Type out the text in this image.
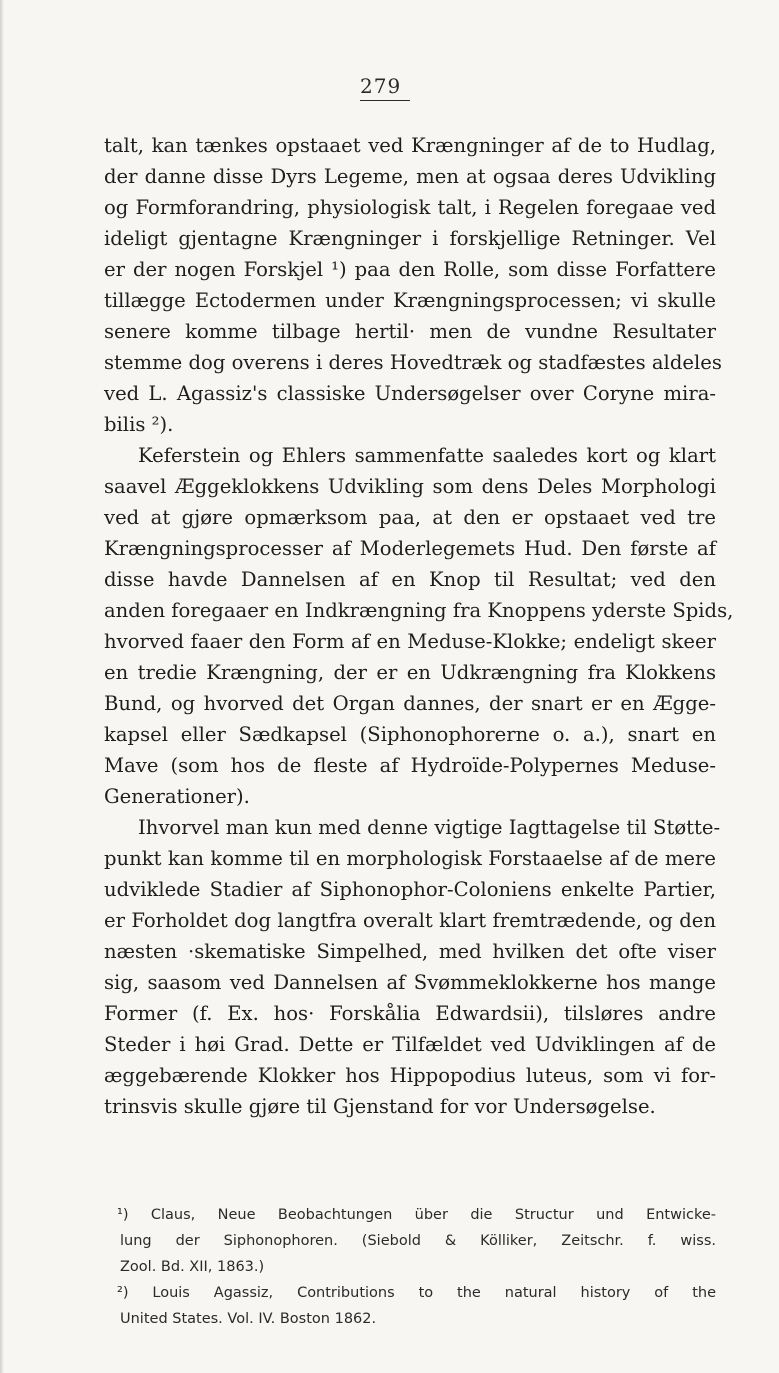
279
talt, kan tænkes opstaaet ved Krængninger af de to Hudlag,
der danne disse Dyrs Legeme, men at ogsaa deres Udvikling
og Formforandring, physiologisk talt, i Regelen foregaae ved
ideligt gjentagne Krængninger i forskjellige Retninger. Vel
er der nogen Forskjel ¹) paa den Rolle, som disse Forfattere
tillægge Ectodermen under Krængningsprocessen; vi skulle
senere komme tilbage hertil· men de vundne Resultater
stemme dog overens i deres Hovedtræk og stadfæstes aldeles
ved L. Agassiz's classiske Undersøgelser over Coryne mira-
bilis ²).
Keferstein og Ehlers sammenfatte saaledes kort og klart
saavel Æggeklokkens Udvikling som dens Deles Morphologi
ved at gjøre opmærksom paa, at den er opstaaet ved tre
Krængningsprocesser af Moderlegemets Hud. Den første af
disse havde Dannelsen af en Knop til Resultat; ved den
anden foregaaer en Indkrængning fra Knoppens yderste Spids,
hvorved faaer den Form af en Meduse-Klokke; endeligt skeer
en tredie Krængning, der er en Udkrængning fra Klokkens
Bund, og hvorved det Organ dannes, der snart er en Ægge-
kapsel eller Sædkapsel (Siphonophorerne o. a.), snart en
Mave (som hos de fleste af Hydroïde-Polypernes Meduse-
Generationer).
Ihvorvel man kun med denne vigtige Iagttagelse til Støtte-
punkt kan komme til en morphologisk Forstaaelse af de mere
udviklede Stadier af Siphonophor-Coloniens enkelte Partier,
er Forholdet dog langtfra overalt klart fremtrædende, og den
næsten ·skematiske Simpelhed, med hvilken det ofte viser
sig, saasom ved Dannelsen af Svømmeklokkerne hos mange
Former (f. Ex. hos· Forskålia Edwardsii), tilsløres andre
Steder i høi Grad. Dette er Tilfældet ved Udviklingen af de
æggebærende Klokker hos Hippopodius luteus, som vi for-
trinsvis skulle gjøre til Gjenstand for vor Undersøgelse.
¹) Claus, Neue Beobachtungen über die Structur und Entwicke-
lung der Siphonophoren. (Siebold & Kölliker, Zeitschr. f. wiss.
Zool. Bd. XII, 1863.)
²) Louis Agassiz, Contributions to the natural history of the
United States. Vol. IV. Boston 1862.
